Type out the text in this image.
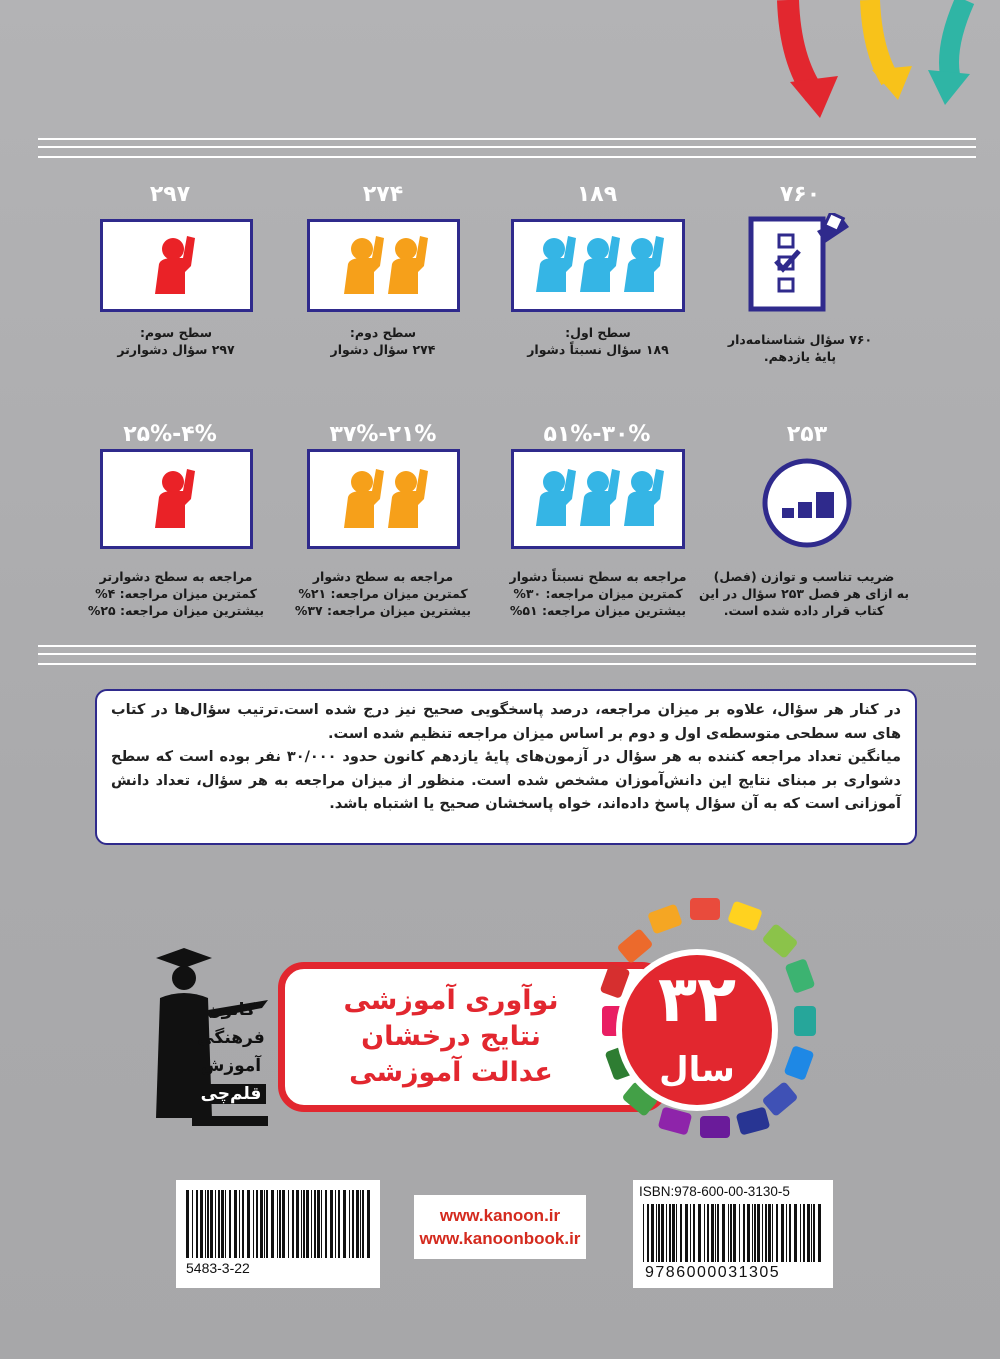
۷۶۰
۷۶۰ سؤال شناسنامه‌دار
پایهٔ یازدهم.
۱۸۹
سطح اول:
۱۸۹ سؤال نسبتاً دشوار
۲۷۴
سطح دوم:
۲۷۴ سؤال دشوار
۲۹۷
سطح سوم:
۲۹۷ سؤال دشوارتر
۲۵۳
ضریب تناسب و توازن (فصل)
به ازای هر فصل ۲۵۳ سؤال در این
کتاب قرار داده شده است.
۳۰%-۵۱%
مراجعه به سطح نسبتاً دشوار
کمترین میزان مراجعه: ۳۰%
بیشترین میزان مراجعه: ۵۱%
۲۱%-۳۷%
مراجعه به سطح دشوار
کمترین میزان مراجعه: ۲۱%
بیشترین میزان مراجعه: ۳۷%
۴%-۲۵%
مراجعه به سطح دشوارتر
کمترین میزان مراجعه: ۴%
بیشترین میزان مراجعه: ۲۵%

در کنار هر سؤال، علاوه بر میزان مراجعه، درصد پاسخگویی صحیح نیز درج شده است.ترتیب سؤال‌ها در کتاب های سه سطحی متوسطه‌ی اول و دوم بر اساس میزان مراجعه تنظیم شده است.

میانگین تعداد مراجعه کننده به هر سؤال در آزمون‌های پایهٔ یازدهم کانون حدود ۳۰/۰۰۰ نفر بوده است که سطح دشواری بر مبنای نتایج این دانش‌آموزان مشخص شده است. منظور از میزان مراجعه به هر سؤال، تعداد دانش آموزانی است که به آن سؤال پاسخ داده‌اند، خواه پاسخشان صحیح یا اشتباه باشد.

کانون
فرهنگی
آموزش
قلم‌چی
نوآوری آموزشی
نتایج درخشان
عدالت آموزشی
۳۲
سال
5483-3-22
www.kanoon.ir
www.kanoonbook.ir
ISBN:978-600-00-3130-5
9786000031305
